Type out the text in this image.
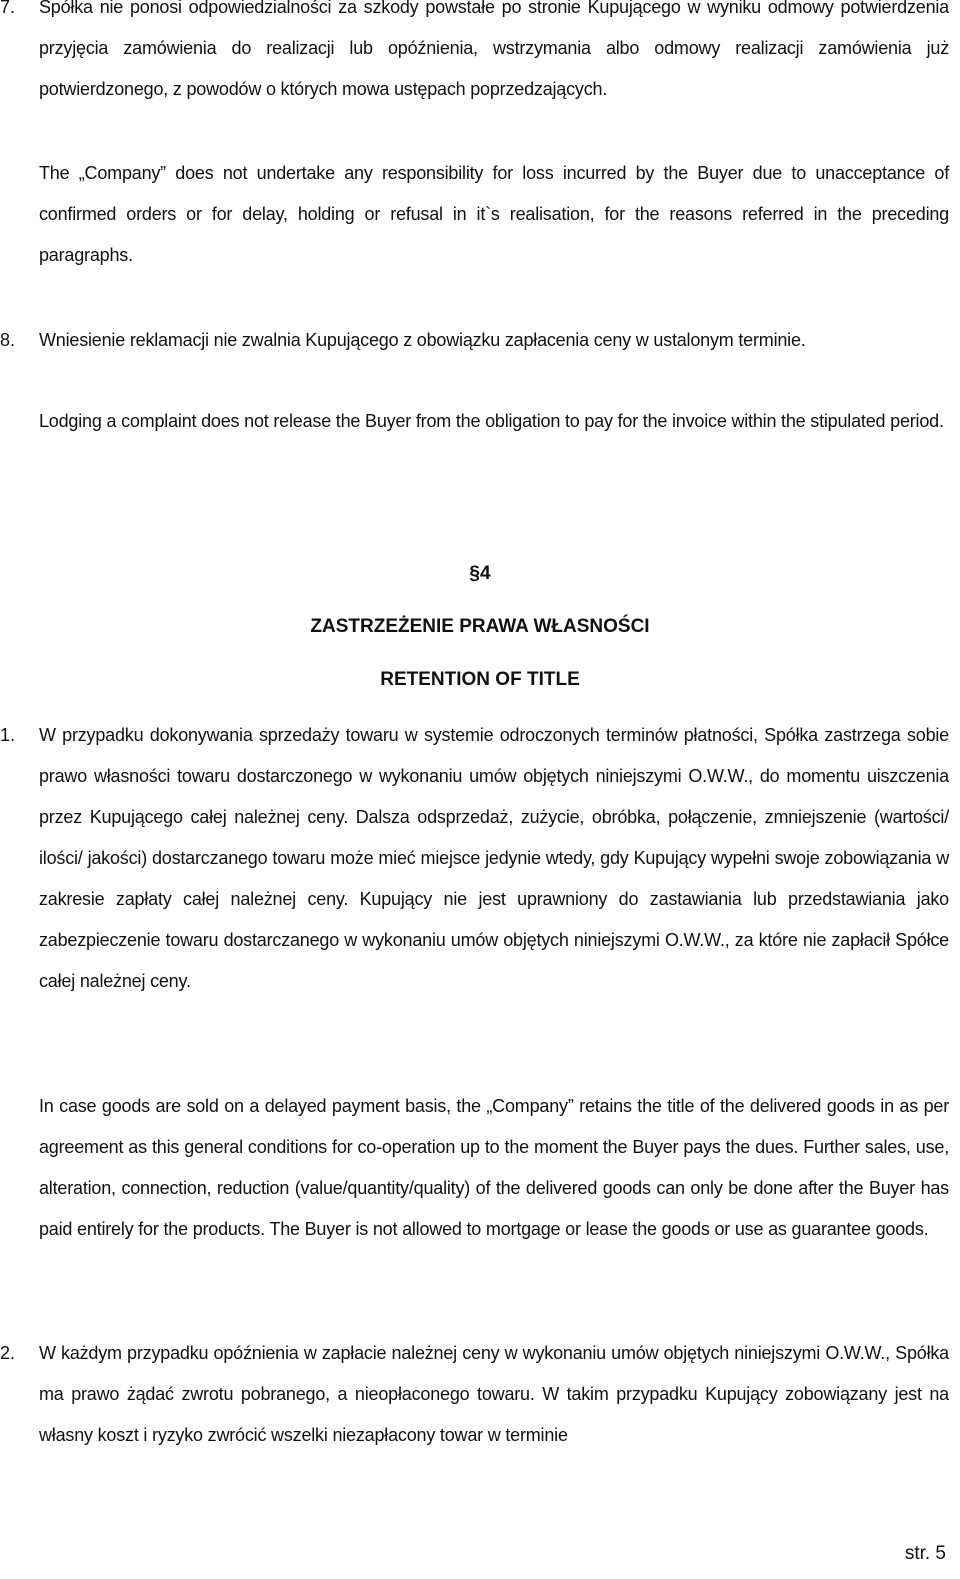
7.	Spółka nie ponosi odpowiedzialności za szkody powstałe po stronie Kupującego w wyniku odmowy potwierdzenia przyjęcia zamówienia do realizacji lub opóźnienia, wstrzymania albo odmowy realizacji zamówienia już potwierdzonego, z powodów o których mowa ustępach poprzedzających.

The „Company” does not undertake any responsibility for loss incurred by the Buyer due to unacceptance of confirmed orders or for delay, holding or refusal in it`s realisation, for the reasons referred in the preceding paragraphs.

8.	Wniesienie reklamacji nie zwalnia Kupującego z obowiązku zapłacenia ceny w ustalonym terminie.

Lodging a complaint does not release the Buyer from the obligation to pay for the invoice within the stipulated period.

§4

ZASTRZEŻENIE PRAWA WŁASNOŚCI

RETENTION OF TITLE

1.	W przypadku dokonywania sprzedaży towaru w systemie odroczonych terminów płatności, Spółka zastrzega sobie prawo własności towaru dostarczonego w wykonaniu umów objętych niniejszymi O.W.W., do momentu uiszczenia przez Kupującego całej należnej ceny. Dalsza odsprzedaż, zużycie, obróbka, połączenie, zmniejszenie (wartości/ ilości/ jakości) dostarczanego towaru może mieć miejsce jedynie wtedy, gdy Kupujący wypełni swoje zobowiązania w zakresie zapłaty całej należnej ceny. Kupujący nie jest uprawniony do zastawiania lub przedstawiania jako zabezpieczenie towaru dostarczanego w wykonaniu umów objętych niniejszymi O.W.W., za które nie zapłacił Spółce całej należnej ceny.

In case goods are sold on a delayed payment basis, the „Company” retains the title of the delivered goods in as per agreement as this general conditions for co-operation up to the moment the Buyer pays the dues. Further sales, use, alteration, connection, reduction (value/quantity/quality) of the delivered goods can only be done after the Buyer has paid entirely for the products. The Buyer is not allowed to mortgage or lease the goods or use as guarantee goods.

2.	W każdym przypadku opóźnienia w zapłacie należnej ceny w wykonaniu umów objętych niniejszymi O.W.W., Spółka ma prawo żądać zwrotu pobranego, a nieopłaconego towaru. W takim przypadku Kupujący zobowiązany jest na własny koszt i ryzyko zwrócić wszelki niezapłacony towar w terminie

str. 5
